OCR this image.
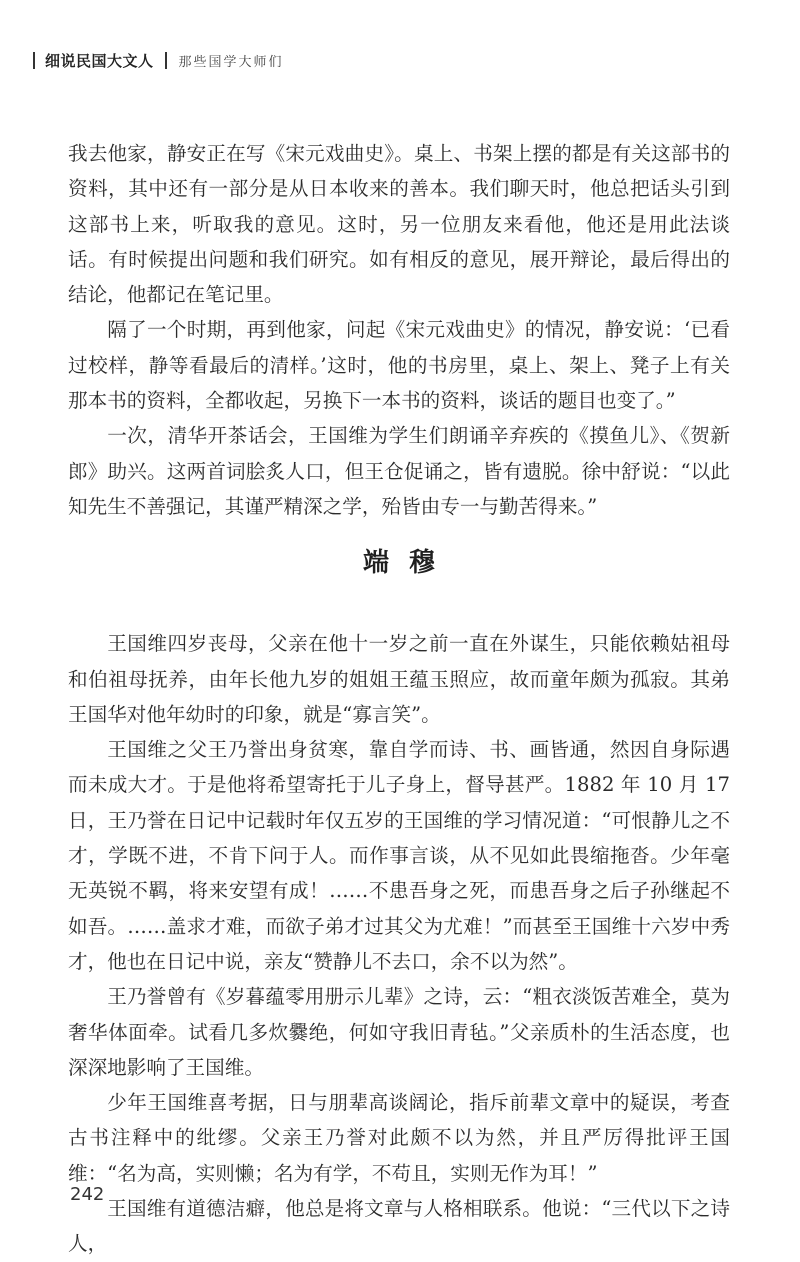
细说民国大文人 那些国学大师们

我去他家，静安正在写《宋元戏曲史》。桌上、书架上摆的都是有关这部书的资料，其中还有一部分是从日本收来的善本。我们聊天时，他总把话头引到这部书上来，听取我的意见。这时，另一位朋友来看他，他还是用此法谈话。有时候提出问题和我们研究。如有相反的意见，展开辩论，最后得出的结论，他都记在笔记里。

隔了一个时期，再到他家，问起《宋元戏曲史》的情况，静安说：‘已看过校样，静等看最后的清样。’这时，他的书房里，桌上、架上、凳子上有关那本书的资料，全都收起，另换下一本书的资料，谈话的题目也变了。”

一次，清华开茶话会，王国维为学生们朗诵辛弃疾的《摸鱼儿》、《贺新郎》助兴。这两首词脍炙人口，但王仓促诵之，皆有遗脱。徐中舒说：“以此知先生不善强记，其谨严精深之学，殆皆由专一与勤苦得来。”

端穆

王国维四岁丧母，父亲在他十一岁之前一直在外谋生，只能依赖姑祖母和伯祖母抚养，由年长他九岁的姐姐王蕴玉照应，故而童年颇为孤寂。其弟王国华对他年幼时的印象，就是“寡言笑”。

王国维之父王乃誉出身贫寒，靠自学而诗、书、画皆通，然因自身际遇而未成大才。于是他将希望寄托于儿子身上，督导甚严。1882 年 10 月 17 日，王乃誉在日记中记载时年仅五岁的王国维的学习情况道：“可恨静儿之不才，学既不进，不肯下问于人。而作事言谈，从不见如此畏缩拖沓。少年毫无英锐不羁，将来安望有成！……不患吾身之死，而患吾身之后子孙继起不如吾。……盖求才难，而欲子弟才过其父为尤难！”而甚至王国维十六岁中秀才，他也在日记中说，亲友“赞静儿不去口，余不以为然”。

王乃誉曾有《岁暮蕴零用册示儿辈》之诗，云：“粗衣淡饭苦难全，莫为奢华体面牵。试看几多炊爨绝，何如守我旧青毡。”父亲质朴的生活态度，也深深地影响了王国维。

少年王国维喜考据，日与朋辈高谈阔论，指斥前辈文章中的疑误，考查古书注释中的纰缪。父亲王乃誉对此颇不以为然，并且严厉得批评王国维：“名为高，实则懒；名为有学，不苟且，实则无作为耳！”

王国维有道德洁癖，他总是将文章与人格相联系。他说：“三代以下之诗人，

242
